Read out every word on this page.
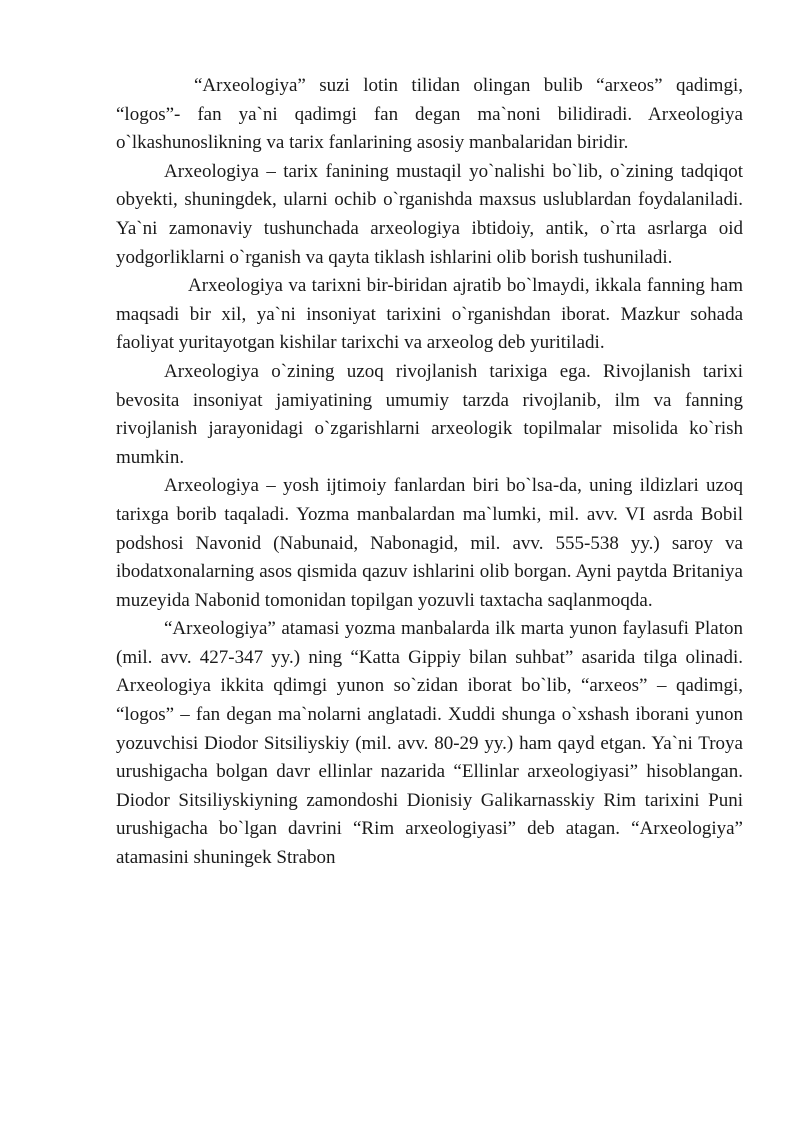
“Arxeologiya” suzi lotin tilidan olingan bulib “arxeos” qadimgi, “logos”- fan ya`ni qadimgi fan degan ma`noni bilidiradi. Arxeologiya o`lkashunoslikning va tarix fanlarining asosiy manbalaridan biridir.

Arxeologiya – tarix fanining mustaqil yo`nalishi bo`lib, o`zining tadqiqot obyekti, shuningdek, ularni ochib o`rganishda maxsus uslublardan foydalaniladi. Ya`ni zamonaviy tushunchada arxeologiya ibtidoiy, antik, o`rta asrlarga oid yodgorliklarni o`rganish va qayta tiklash ishlarini olib borish tushuniladi.

Arxeologiya va tarixni bir-biridan ajratib bo`lmaydi, ikkala fanning ham maqsadi bir xil, ya`ni insoniyat tarixini o`rganishdan iborat. Mazkur sohada faoliyat yuritayotgan kishilar tarixchi va arxeolog deb yuritiladi.

Arxeologiya o`zining uzoq rivojlanish tarixiga ega. Rivojlanish tarixi bevosita insoniyat jamiyatining umumiy tarzda rivojlanib, ilm va fanning rivojlanish jarayonidagi o`zgarishlarni arxeologik topilmalar misolida ko`rish mumkin.

Arxeologiya – yosh ijtimoiy fanlardan biri bo`lsa-da, uning ildizlari uzoq tarixga borib taqaladi. Yozma manbalardan ma`lumki, mil. avv. VI asrda Bobil podshosi Navonid (Nabunaid, Nabonagid, mil. avv. 555-538 yy.) saroy va ibodatxonalarning asos qismida qazuv ishlarini olib borgan. Ayni paytda Britaniya muzeyida Nabonid tomonidan topilgan yozuvli taxtacha saqlanmoqda.

“Arxeologiya” atamasi yozma manbalarda ilk marta yunon faylasufi Platon (mil. avv. 427-347 yy.) ning “Katta Gippiy bilan suhbat” asarida tilga olinadi. Arxeologiya ikkita qdimgi yunon so`zidan iborat bo`lib, “arxeos” – qadimgi, “logos” – fan degan ma`nolarni anglatadi. Xuddi shunga o`xshash iborani yunon yozuvchisi Diodor Sitsiliyskiy (mil. avv. 80-29 yy.) ham qayd etgan. Ya`ni Troya urushigacha bolgan davr ellinlar nazarida “Ellinlar arxeologiyasi” hisoblangan. Diodor Sitsiliyskiyning zamondoshi Dionisiy Galikarnasskiy Rim tarixini Puni urushigacha bo`lgan davrini “Rim arxeologiyasi” deb atagan. “Arxeologiya” atamasini shuningek Strabon
